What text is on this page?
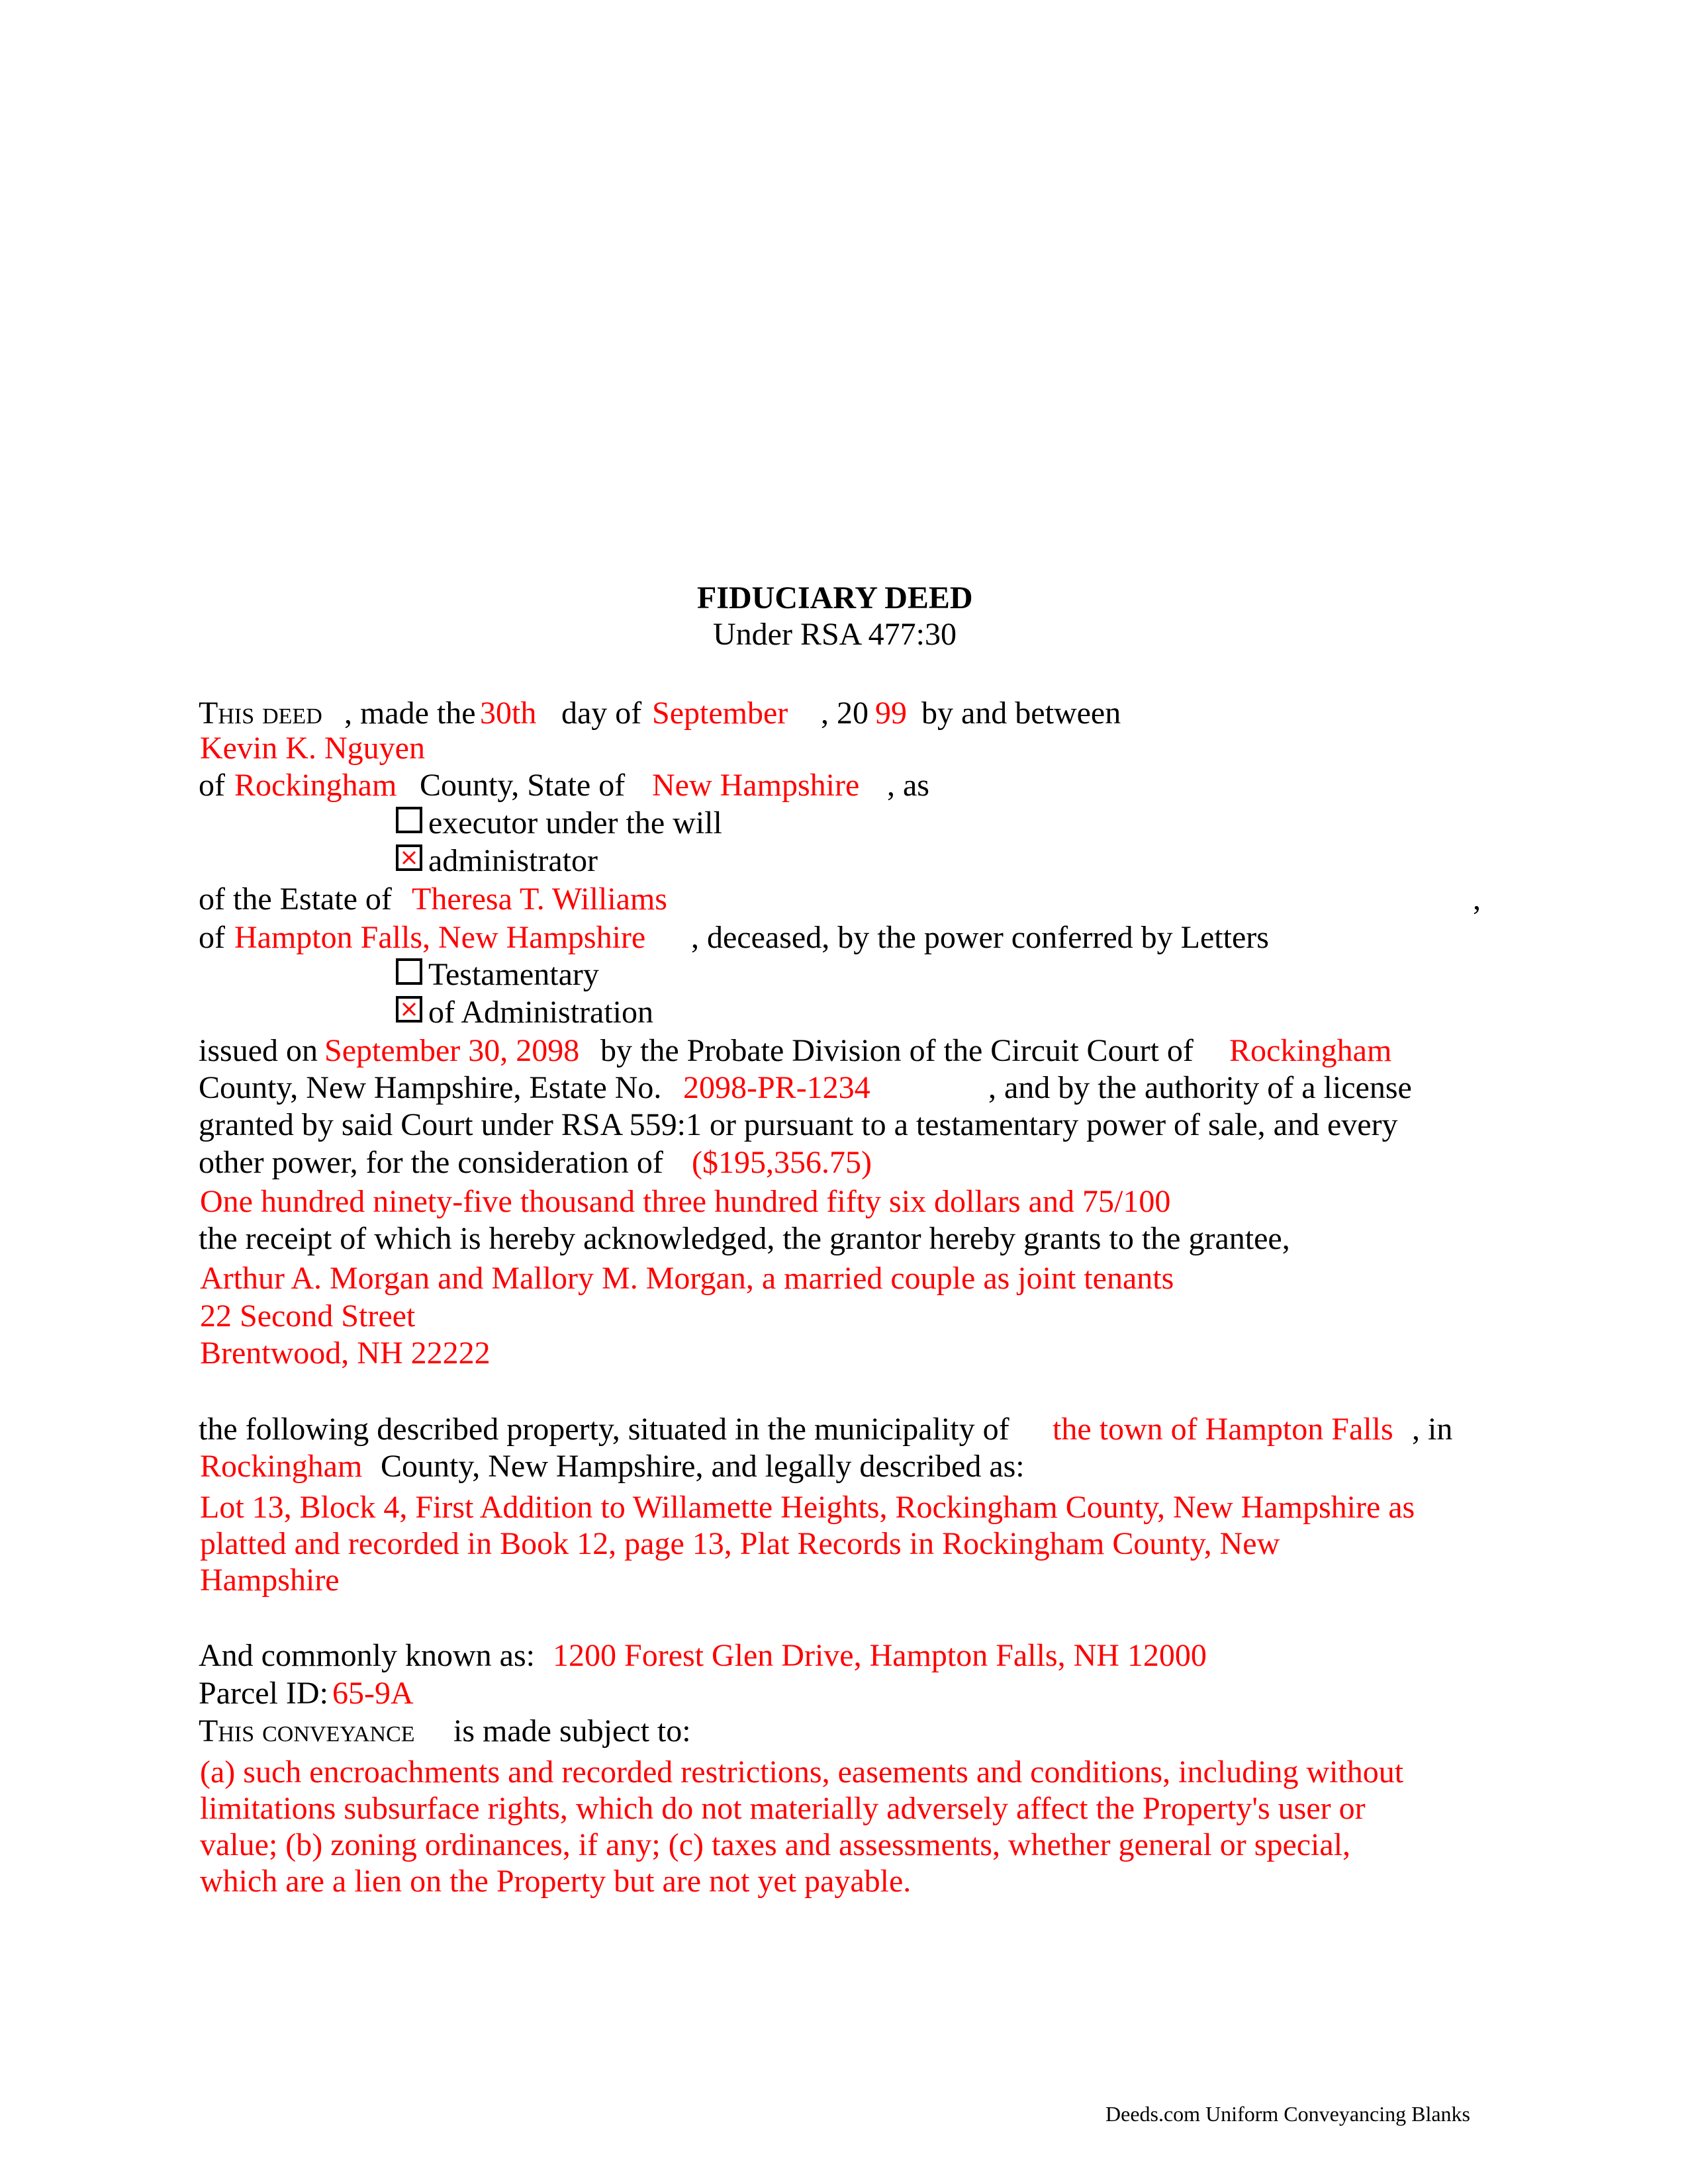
FIDUCIARY DEED
Under RSA 477:30
This deed , made the 30th day of September , 20 99 by and between
Kevin K. Nguyen
of Rockingham County, State of New Hampshire , as
executor under the will
administrator
of the Estate of Theresa T. Williams	,
of Hampton Falls, New Hampshire , deceased, by the power conferred by Letters
Testamentary
of Administration
issued on September 30, 2098 by the Probate Division of the Circuit Court of Rockingham
County, New Hampshire, Estate No. 2098-PR-1234	, and by the authority of a license
granted by said Court under RSA 559:1 or pursuant to a testamentary power of sale, and every
other power, for the consideration of ($195,356.75)
One hundred ninety-five thousand three hundred fifty six dollars and 75/100
the receipt of which is hereby acknowledged, the grantor hereby grants to the grantee,
Arthur A. Morgan and Mallory M. Morgan, a married couple as joint tenants
22 Second Street
Brentwood, NH 22222
the following described property, situated in the municipality of the town of Hampton Falls , in
Rockingham County, New Hampshire, and legally described as:
Lot 13, Block 4, First Addition to Willamette Heights, Rockingham County, New Hampshire as
platted and recorded in Book 12, page 13, Plat Records in Rockingham County, New
Hampshire
And commonly known as: 1200 Forest Glen Drive, Hampton Falls, NH 12000
Parcel ID: 65-9A
This conveyance is made subject to:
(a) such encroachments and recorded restrictions, easements and conditions, including without
limitations subsurface rights, which do not materially adversely affect the Property's user or
value; (b) zoning ordinances, if any; (c) taxes and assessments, whether general or special,
which are a lien on the Property but are not yet payable.
Deeds.com Uniform Conveyancing Blanks
